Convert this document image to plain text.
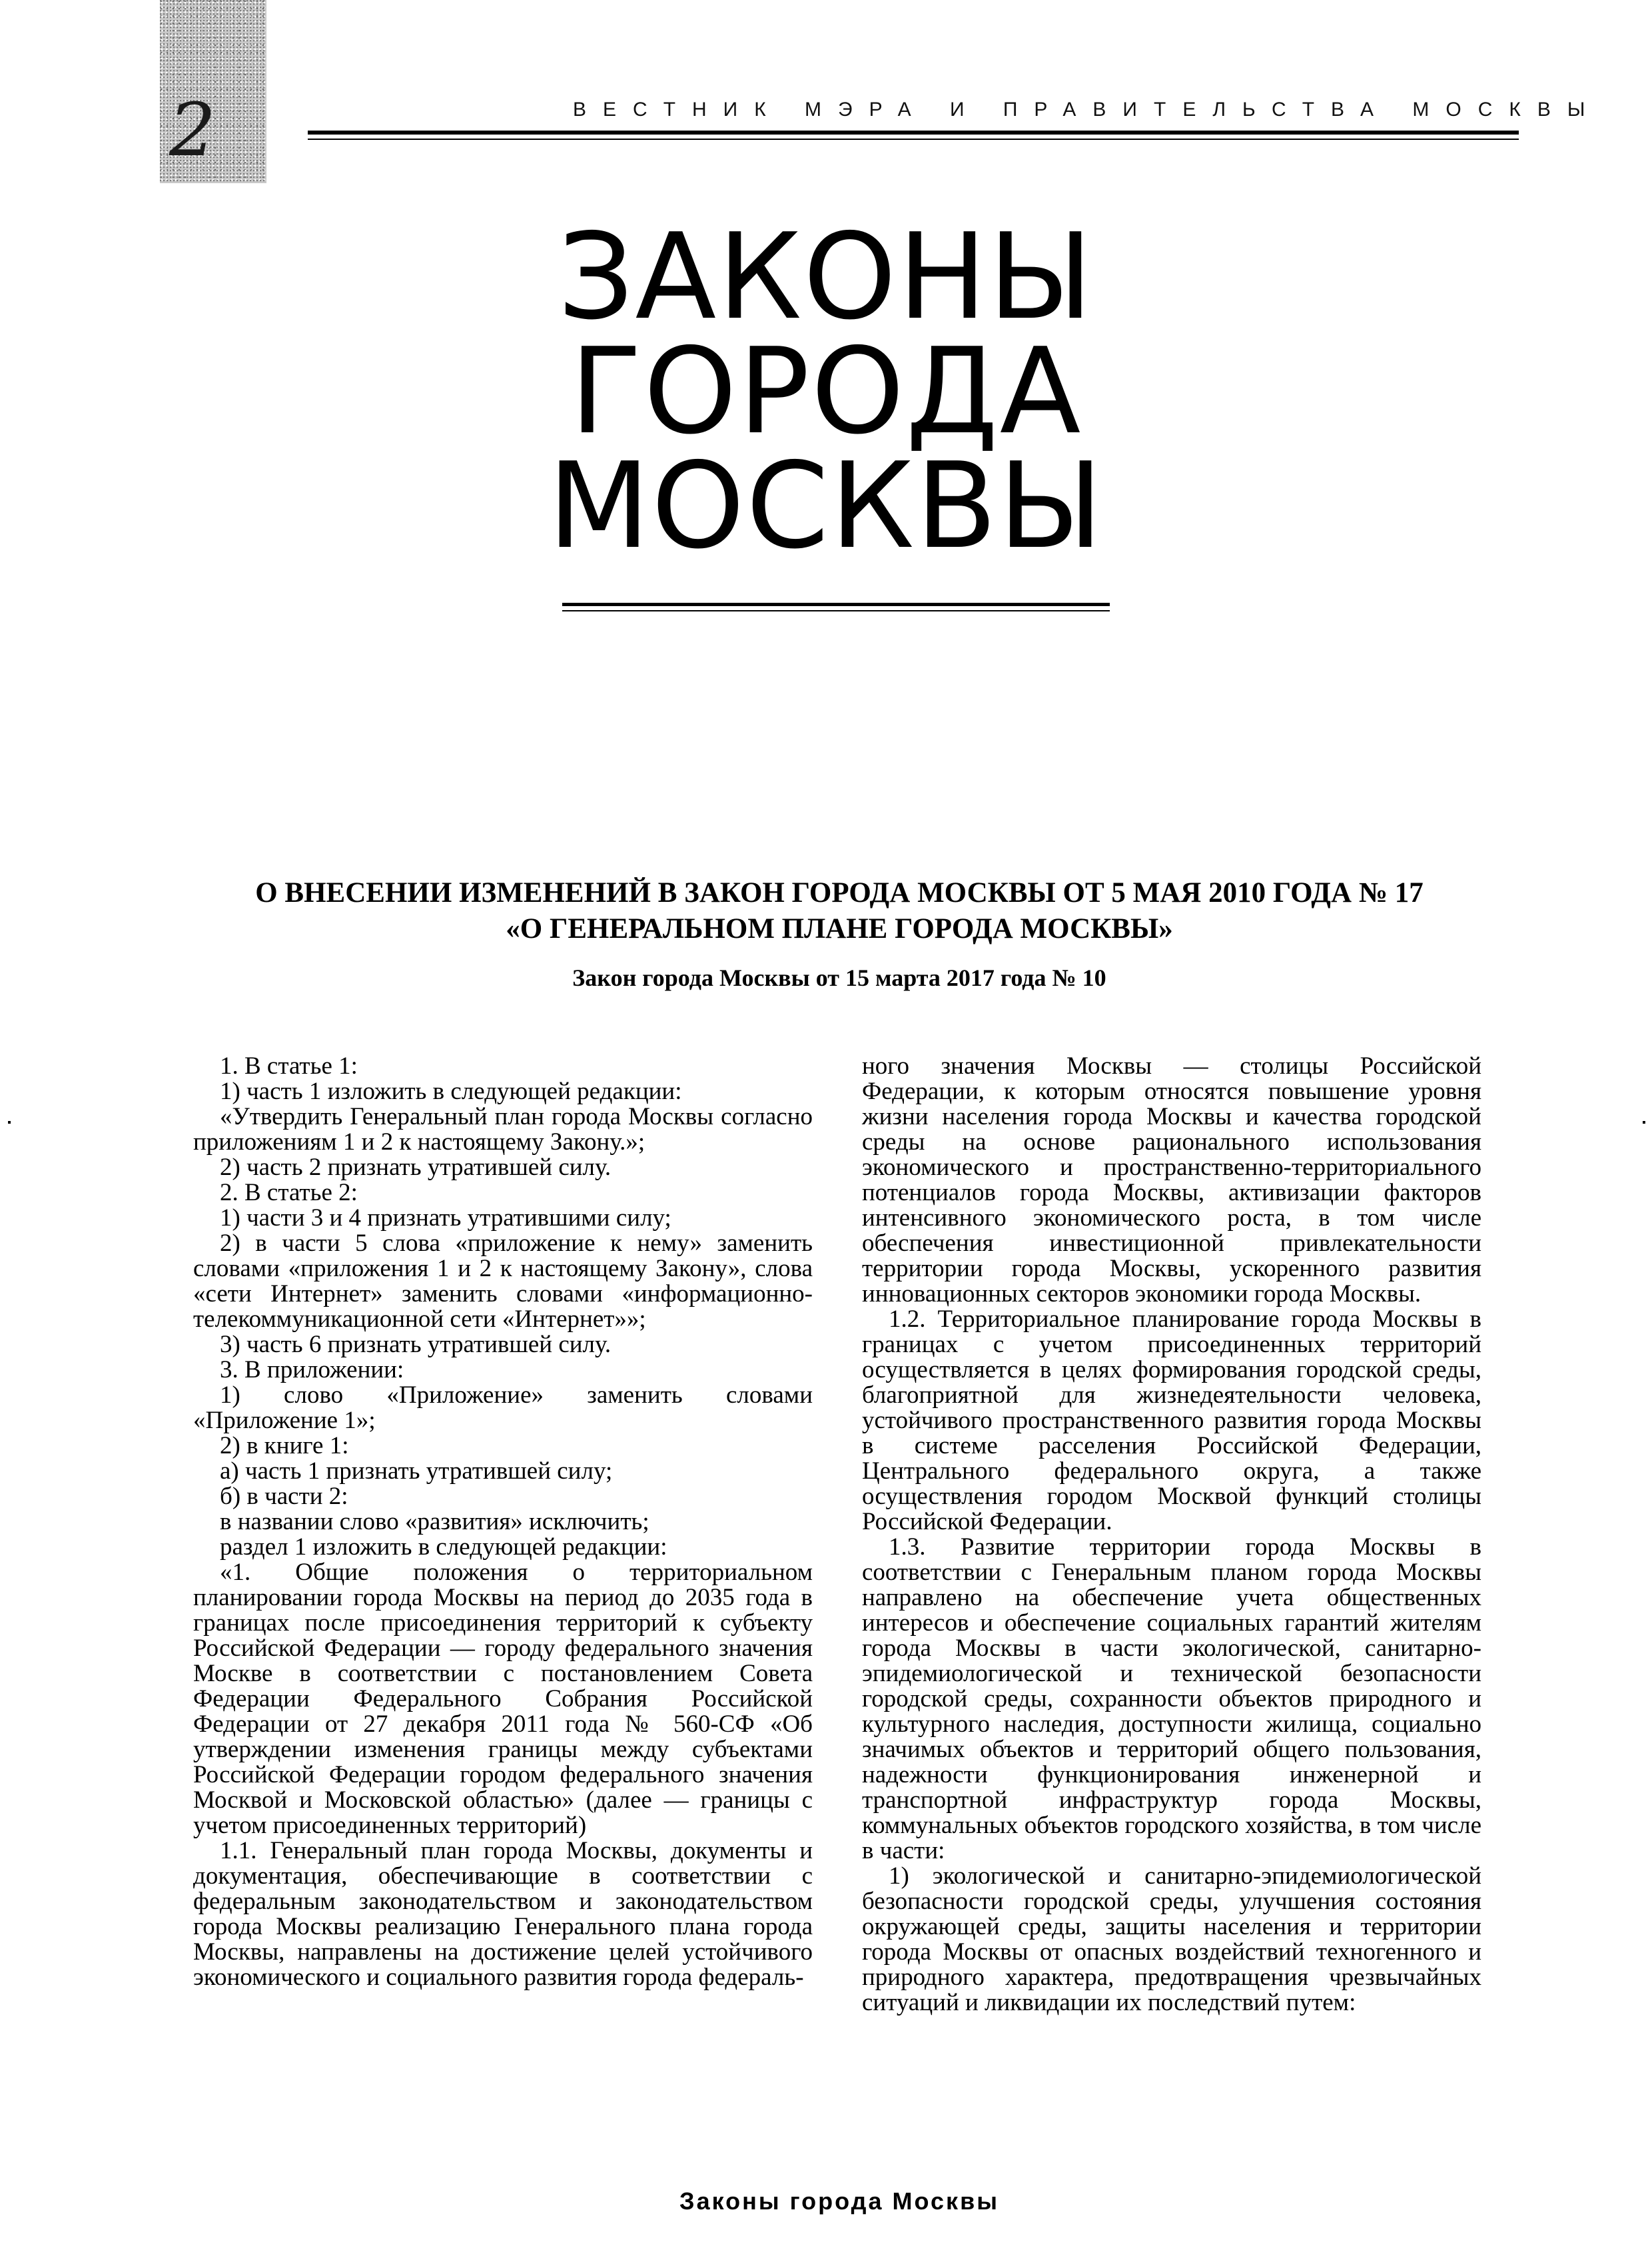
2	ВЕСТНИК МЭРА И ПРАВИТЕЛЬСТВА МОСКВЫ
ЗАКОНЫ
ГОРОДА
МОСКВЫ
О ВНЕСЕНИИ ИЗМЕНЕНИЙ В ЗАКОН ГОРОДА МОСКВЫ ОТ 5 МАЯ 2010 ГОДА № 17
«О ГЕНЕРАЛЬНОМ ПЛАНЕ ГОРОДА МОСКВЫ»
Закон города Москвы от 15 марта 2017 года № 10

1. В статье 1:

1) часть 1 изложить в следующей редакции:

«Утвердить Генеральный план города Москвы согласно приложениям 1 и 2 к настоящему Закону.»;

2) часть 2 признать утратившей силу.

2. В статье 2:

1) части 3 и 4 признать утратившими силу;

2) в части 5 слова «приложение к нему» заменить словами «приложения 1 и 2 к настоящему Закону», слова «сети Интернет» заменить словами «информационно-телекоммуникационной сети «Интернет»»;

3) часть 6 признать утратившей силу.

3. В приложении:

1) слово «Приложение» заменить словами «Приложение 1»;

2) в книге 1:

а) часть 1 признать утратившей силу;

б) в части 2:

в названии слово «развития» исключить;

раздел 1 изложить в следующей редакции:

«1. Общие положения о территориальном планировании города Москвы на период до 2035 года в границах после присоединения территорий к субъекту Российской Федерации — городу федерального значения Москве в соответствии с постановлением Совета Федерации Федерального Собрания Российской Федерации от 27 декабря 2011 года № 560-СФ «Об утверждении изменения границы между субъектами Российской Федерации городом федерального значения Москвой и Московской областью» (далее — границы с учетом присоединенных территорий)

1.1. Генеральный план города Москвы, документы и документация, обеспечивающие в соответствии с федеральным законодательством и законодательством города Москвы реализацию Генерального плана города Москвы, направлены на достижение целей устойчивого экономического и социального развития города федераль-

ного значения Москвы — столицы Российской Федерации, к которым относятся повышение уровня жизни населения города Москвы и качества городской среды на основе рационального использования экономического и пространственно-территориального потенциалов города Москвы, активизации факторов интенсивного экономического роста, в том числе обеспечения инвестиционной привлекательности территории города Москвы, ускоренного развития инновационных секторов экономики города Москвы.

1.2. Территориальное планирование города Москвы в границах с учетом присоединенных территорий осуществляется в целях формирования городской среды, благоприятной для жизнедеятельности человека, устойчивого пространственного развития города Москвы в системе расселения Российской Федерации, Центрального федерального округа, а также осуществления городом Москвой функций столицы Российской Федерации.

1.3. Развитие территории города Москвы в соответствии с Генеральным планом города Москвы направлено на обеспечение учета общественных интересов и обеспечение социальных гарантий жителям города Москвы в части экологической, санитарно-эпидемиологической и технической безопасности городской среды, сохранности объектов природного и культурного наследия, доступности жилища, социально значимых объектов и территорий общего пользования, надежности функционирования инженерной и транспортной инфраструктур города Москвы, коммунальных объектов городского хозяйства, в том числе в части:

1) экологической и санитарно-эпидемиологической безопасности городской среды, улучшения состояния окружающей среды, защиты населения и территории города Москвы от опасных воздействий техногенного и природного характера, предотвращения чрезвычайных ситуаций и ликвидации их последствий путем:

Законы города Москвы
